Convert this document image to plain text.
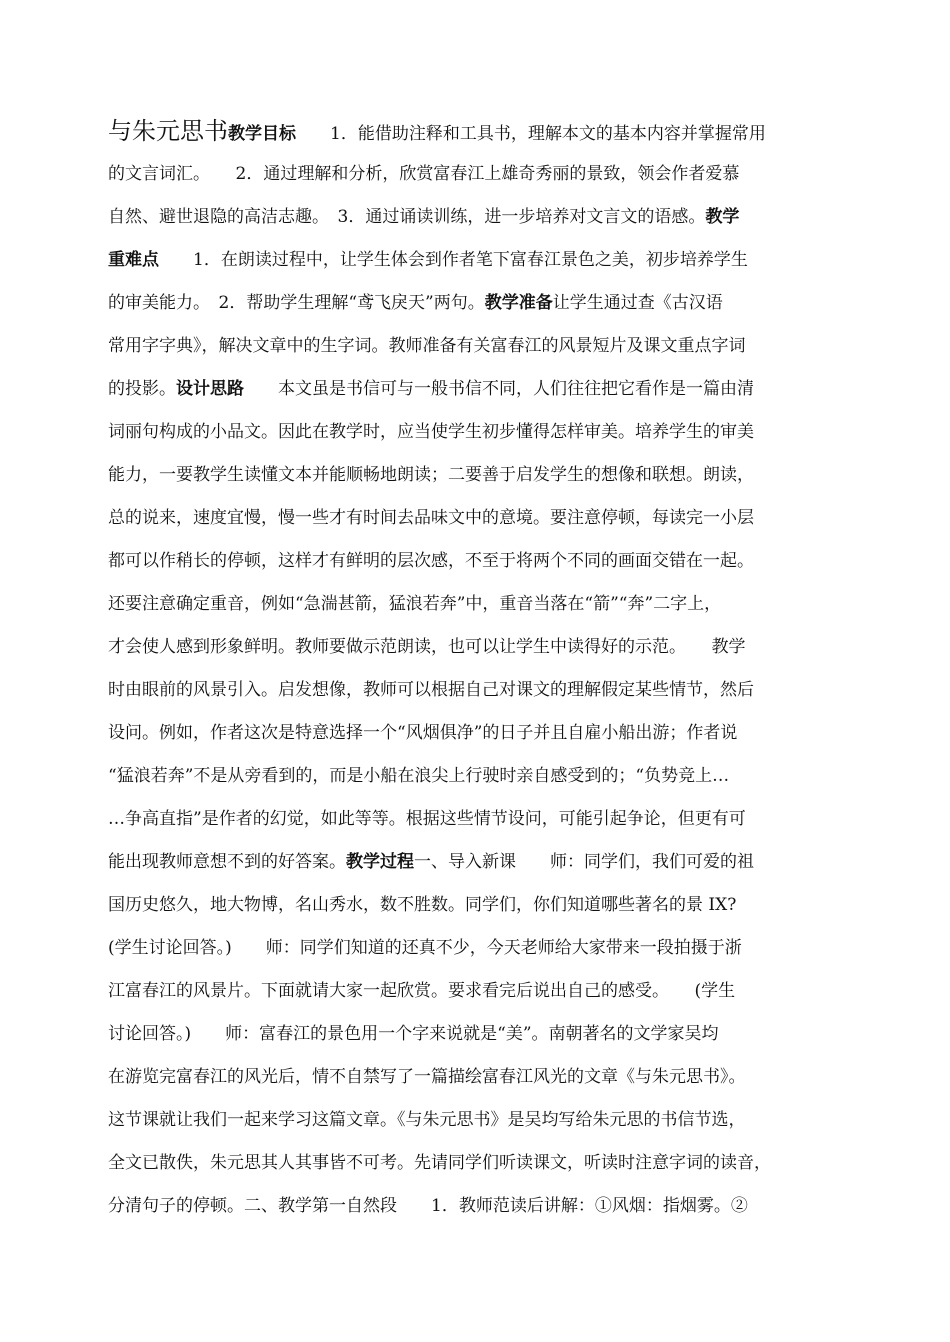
与朱元思书教学目标　　1．能借助注释和工具书，理解本文的基本内容并掌握常用
的文言词汇。　　2．通过理解和分析，欣赏富春江上雄奇秀丽的景致，领会作者爱慕
自然、避世退隐的高洁志趣。　3．通过诵读训练，进一步培养对文言文的语感。教学
重难点　　1．在朗读过程中，让学生体会到作者笔下富春江景色之美，初步培养学生
的审美能力。　2．帮助学生理解“鸢飞戾天”两句。教学准备让学生通过查《古汉语
常用字字典》，解决文章中的生字词。教师准备有关富春江的风景短片及课文重点字词
的投影。设计思路　　本文虽是书信可与一般书信不同，人们往往把它看作是一篇由清
词丽句构成的小品文。因此在教学时，应当使学生初步懂得怎样审美。培养学生的审美
能力，一要教学生读懂文本并能顺畅地朗读；二要善于启发学生的想像和联想。朗读，
总的说来，速度宜慢，慢一些才有时间去品味文中的意境。要注意停顿，每读完一小层
都可以作稍长的停顿，这样才有鲜明的层次感，不至于将两个不同的画面交错在一起。
还要注意确定重音，例如“急湍甚箭，猛浪若奔”中，重音当落在“箭”“奔”二字上，
才会使人感到形象鲜明。教师要做示范朗读，也可以让学生中读得好的示范。　　教学
时由眼前的风景引入。启发想像，教师可以根据自己对课文的理解假定某些情节，然后
设问。例如，作者这次是特意选择一个“风烟俱净”的日子并且自雇小船出游；作者说
“猛浪若奔”不是从旁看到的，而是小船在浪尖上行驶时亲自感受到的；“负势竞上…
…争高直指”是作者的幻觉，如此等等。根据这些情节设问，可能引起争论，但更有可
能出现教师意想不到的好答案。教学过程一、导入新课　　师：同学们，我们可爱的祖
国历史悠久，地大物博，名山秀水，数不胜数。同学们，你们知道哪些著名的景 IX?
(学生讨论回答。)　　师：同学们知道的还真不少，今天老师给大家带来一段拍摄于浙
江富春江的风景片。下面就请大家一起欣赏。要求看完后说出自己的感受。　　(学生
讨论回答。)　　师：富春江的景色用一个字来说就是“美”。南朝著名的文学家吴均
在游览完富春江的风光后，情不自禁写了一篇描绘富春江风光的文章《与朱元思书》。
这节课就让我们一起来学习这篇文章。《与朱元思书》是吴均写给朱元思的书信节选，
全文已散佚，朱元思其人其事皆不可考。先请同学们听读课文，听读时注意字词的读音，
分清句子的停顿。二、教学第一自然段　　1．教师范读后讲解：①风烟：指烟雾。②
